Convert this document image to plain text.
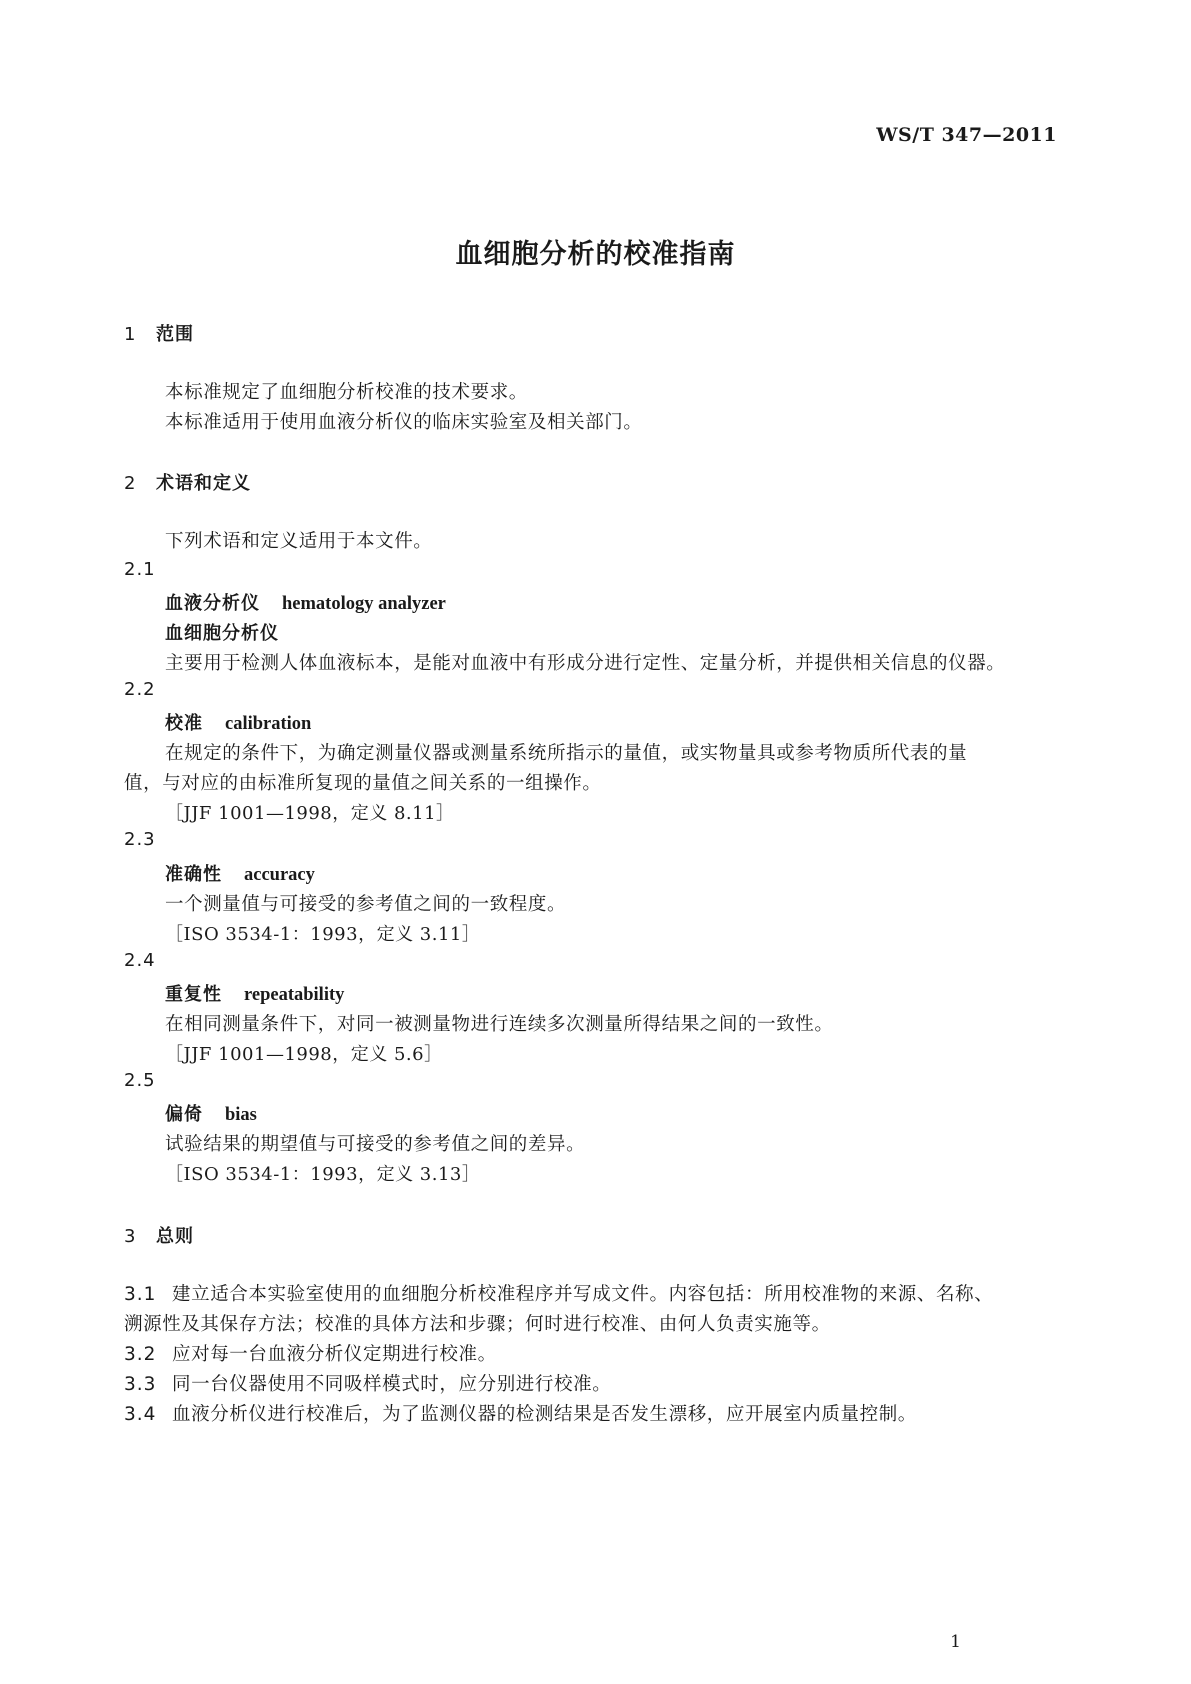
WS/T 347—2011
血细胞分析的校准指南
1 范围
本标准规定了血细胞分析校准的技术要求。
本标准适用于使用血液分析仪的临床实验室及相关部门。
2 术语和定义
下列术语和定义适用于本文件。
2.1
血液分析仪 hematology analyzer
血细胞分析仪
主要用于检测人体血液标本，是能对血液中有形成分进行定性、定量分析，并提供相关信息的仪器。
2.2
校准 calibration
在规定的条件下，为确定测量仪器或测量系统所指示的量值，或实物量具或参考物质所代表的量
值，与对应的由标准所复现的量值之间关系的一组操作。
［JJF 1001—1998，定义 8.11］
2.3
准确性 accuracy
一个测量值与可接受的参考值之间的一致程度。
［ISO 3534-1：1993，定义 3.11］
2.4
重复性 repeatability
在相同测量条件下，对同一被测量物进行连续多次测量所得结果之间的一致性。
［JJF 1001—1998，定义 5.6］
2.5
偏倚 bias
试验结果的期望值与可接受的参考值之间的差异。
［ISO 3534-1：1993，定义 3.13］
3 总则
3.1 建立适合本实验室使用的血细胞分析校准程序并写成文件。内容包括：所用校准物的来源、名称、
溯源性及其保存方法；校准的具体方法和步骤；何时进行校准、由何人负责实施等。
3.2 应对每一台血液分析仪定期进行校准。
3.3 同一台仪器使用不同吸样模式时，应分别进行校准。
3.4 血液分析仪进行校准后，为了监测仪器的检测结果是否发生漂移，应开展室内质量控制。
1
